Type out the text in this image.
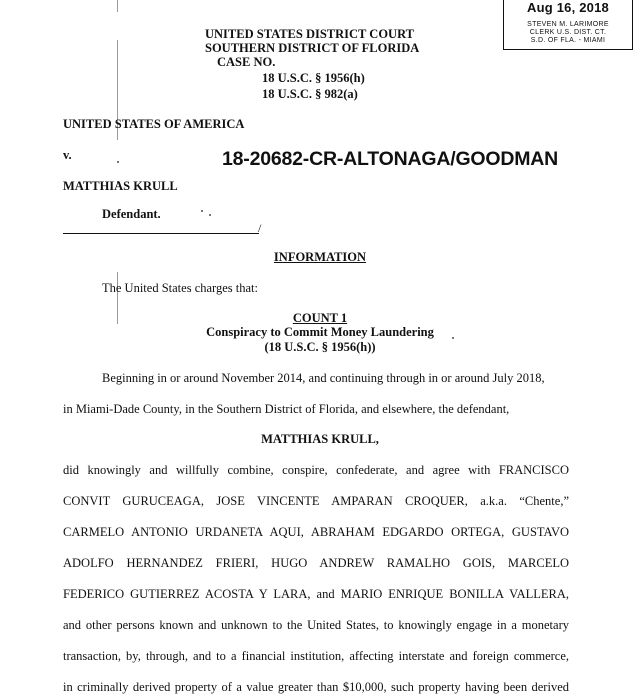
Aug 16, 2018
STEVEN M. LARIMORE
CLERK U.S. DIST. CT.
S.D. OF FLA. - MIAMI
UNITED STATES DISTRICT COURT
SOUTHERN DISTRICT OF FLORIDA
CASE NO.
18 U.S.C. § 1956(h)
18 U.S.C. § 982(a)
UNITED STATES OF AMERICA
v.	18-20682-CR-ALTONAGA/GOODMAN
MATTHIAS KRULL
Defendant.
/
INFORMATION
The United States charges that:
COUNT 1
Conspiracy to Commit Money Laundering
(18 U.S.C. § 1956(h))
Beginning in or around November 2014, and continuing through in or around July 2018,
in Miami-Dade County, in the Southern District of Florida, and elsewhere, the defendant,
MATTHIAS KRULL,
did knowingly and willfully combine, conspire, confederate, and agree with FRANCISCO
CONVIT GURUCEAGA, JOSE VINCENTE AMPARAN CROQUER, a.k.a. “Chente,”
CARMELO ANTONIO URDANETA AQUI, ABRAHAM EDGARDO ORTEGA, GUSTAVO
ADOLFO HERNANDEZ FRIERI, HUGO ANDREW RAMALHO GOIS, MARCELO
FEDERICO GUTIERREZ ACOSTA Y LARA, and MARIO ENRIQUE BONILLA VALLERA,
and other persons known and unknown to the United States, to knowingly engage in a monetary
transaction, by, through, and to a financial institution, affecting interstate and foreign commerce,
in criminally derived property of a value greater than $10,000, such property having been derived
